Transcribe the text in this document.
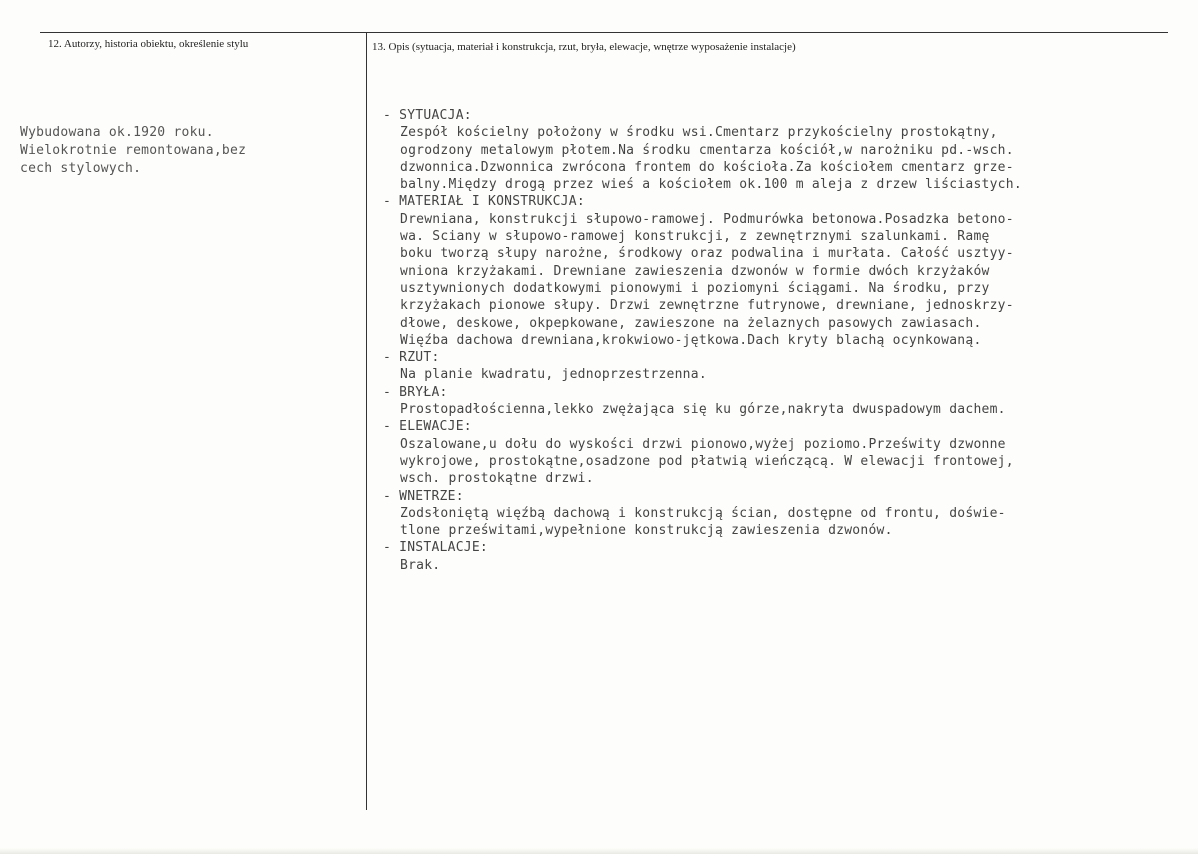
12. Autorzy, historia obiektu, określenie stylu	13. Opis (sytuacja, materiał i konstrukcja, rzut, bryła, elewacje, wnętrze wyposażenie instalacje)
Wybudowana ok.1920 roku.
Wielokrotnie remontowana,bez
cech stylowych.
- SYTUACJA:
Zespół kościelny położony w środku wsi.Cmentarz przykościelny prostokątny,
ogrodzony metalowym płotem.Na środku cmentarza kościół,w narożniku pd.-wsch.
dzwonnica.Dzwonnica zwrócona frontem do kościoła.Za kościołem cmentarz grze-
balny.Między drogą przez wieś a kościołem ok.100 m aleja z drzew liściastych.
- MATERIAŁ I KONSTRUKCJA:
Drewniana, konstrukcji słupowo-ramowej. Podmurówka betonowa.Posadzka betono-
wa. Sciany w słupowo-ramowej konstrukcji, z zewnętrznymi szalunkami. Ramę
boku tworzą słupy narożne, środkowy oraz podwalina i murłata. Całość usztyy-
wniona krzyżakami. Drewniane zawieszenia dzwonów w formie dwóch krzyżaków
usztywnionych dodatkowymi pionowymi i poziomyni ściągami. Na środku, przy
krzyżakach pionowe słupy. Drzwi zewnętrzne futrynowe, drewniane, jednoskrzy-
dłowe, deskowe, okpepkowane, zawieszone na żelaznych pasowych zawiasach.
Więźba dachowa drewniana,krokwiowo-jętkowa.Dach kryty blachą ocynkowaną.
- RZUT:
Na planie kwadratu, jednoprzestrzenna.
- BRYŁA:
Prostopadłościenna,lekko zwężająca się ku górze,nakryta dwuspadowym dachem.
- ELEWACJE:
Oszalowane,u dołu do wyskości drzwi pionowo,wyżej poziomo.Prześwity dzwonne
wykrojowe, prostokątne,osadzone pod płatwią wieńczącą. W elewacji frontowej,
wsch. prostokątne drzwi.
- WNETRZE:
Zodsłoniętą więźbą dachową i konstrukcją ścian, dostępne od frontu, doświe-
tlone prześwitami,wypełnione konstrukcją zawieszenia dzwonów.
- INSTALACJE:
Brak.
